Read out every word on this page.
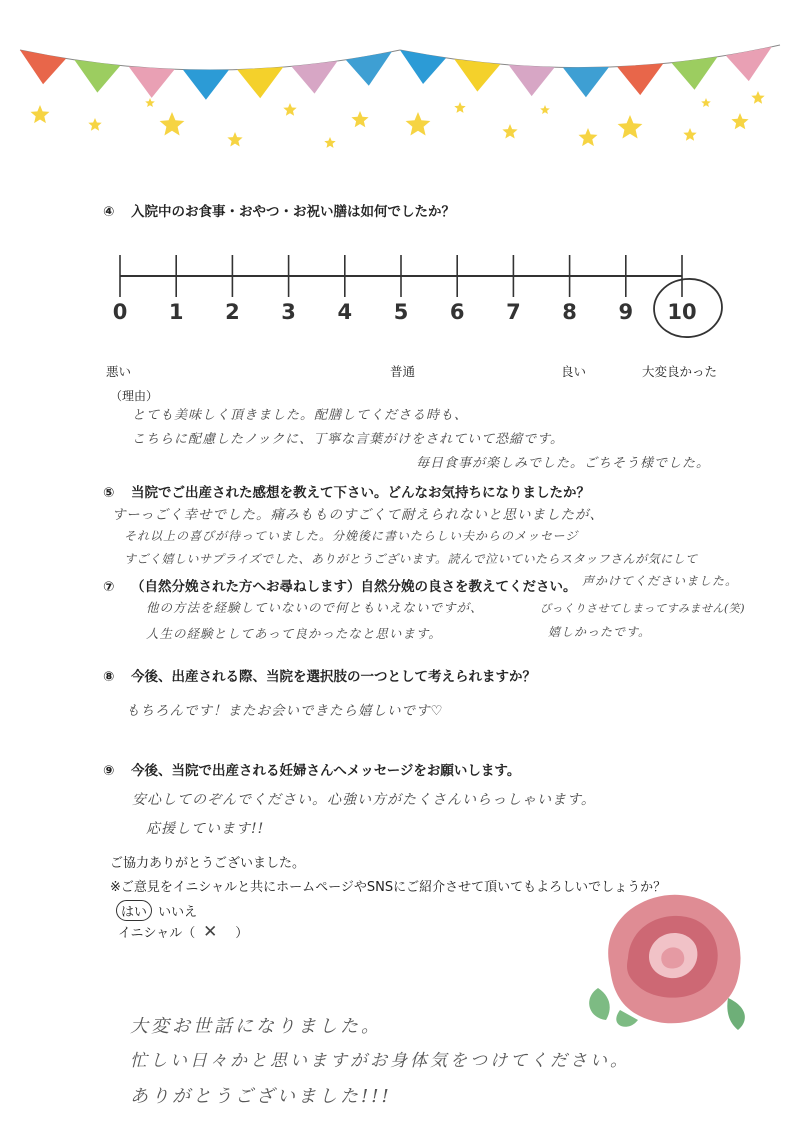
④ 入院中のお食事・おやつ・お祝い膳は如何でしたか？
0 1 2 3 4 5 6 7 8 9 10
悪い	普通	良い	大変良かった
（理由）
とても美味しく頂きました。配膳してくださる時も、
こちらに配慮したノックに、丁寧な言葉がけをされていて恐縮です。
毎日食事が楽しみでした。ごちそう様でした。
⑤ 当院でご出産された感想を教えて下さい。どんなお気持ちになりましたか？
すーっごく幸せでした。痛みもものすごくて耐えられないと思いましたが、
それ以上の喜びが待っていました。分娩後に書いたらしい夫からのメッセージ
すごく嬉しいサプライズでした、ありがとうございます。読んで泣いていたらスタッフさんが気にして
声かけてくださいました。
⑦ （自然分娩された方へお尋ねします）自然分娩の良さを教えてください。
他の方法を経験していないので何ともいえないですが、
人生の経験としてあって良かったなと思います。
びっくりさせてしまってすみません(笑)
嬉しかったです。
⑧ 今後、出産される際、当院を選択肢の一つとして考えられますか？
もちろんです！またお会いできたら嬉しいです♡
⑨ 今後、当院で出産される妊婦さんへメッセージをお願いします。
安心してのぞんでください。心強い方がたくさんいらっしゃいます。
応援しています!!
ご協力ありがとうございました。
※ご意見をイニシャルと共にホームページやSNSにご紹介させて頂いてもよろしいでしょうか？
はい いいえ
イニシャル（ ✕ ）
大変お世話になりました。
忙しい日々かと思いますがお身体気をつけてください。
ありがとうございました!!!
